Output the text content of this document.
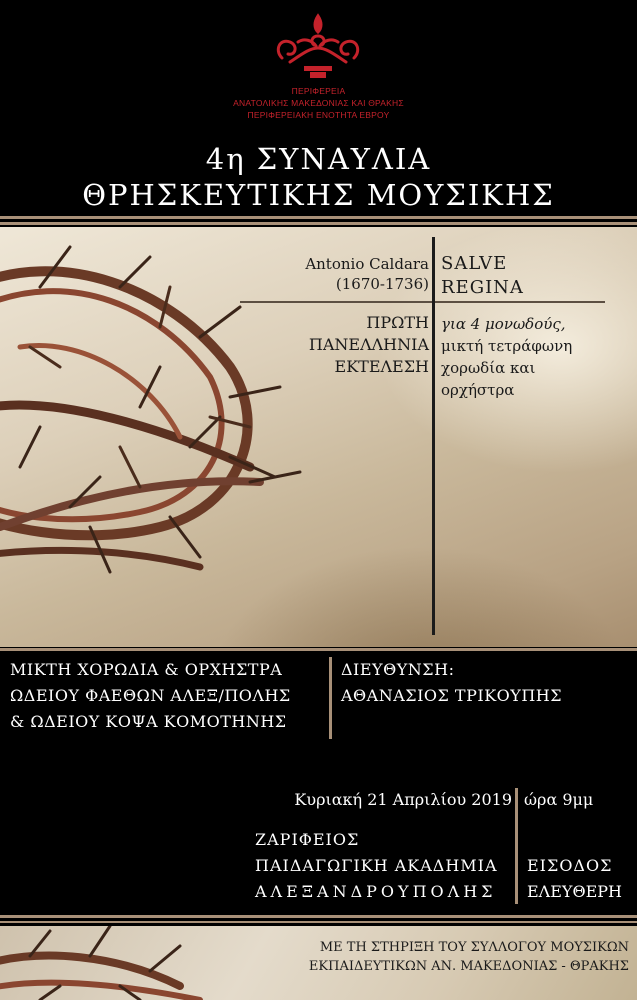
ΠΕΡΙΦΕΡΕΙΑ
ΑΝΑΤΟΛΙΚΗΣ ΜΑΚΕΔΟΝΙΑΣ ΚΑΙ ΘΡΑΚΗΣ
ΠΕΡΙΦΕΡΕΙΑΚΗ ΕΝΟΤΗΤΑ ΕΒΡΟΥ
4η ΣΥΝΑΥΛΙΑ
ΘΡΗΣΚΕΥΤΙΚΗΣ ΜΟΥΣΙΚΗΣ
Antonio Caldara
(1670-1736)
SALVE
REGINA
ΠΡΩΤΗ
ΠΑΝΕΛΛΗΝΙΑ
ΕΚΤΕΛΕΣΗ
για 4 μονωδούς,
μικτή τετράφωνη
χορωδία και
ορχήστρα
ΜΙΚΤΗ ΧΟΡΩΔΙΑ & ΟΡΧΗΣΤΡΑ
ΩΔΕΙΟΥ ΦΑΕΘΩΝ ΑΛΕΞ/ΠΟΛΗΣ
& ΩΔΕΙΟΥ ΚΟΨΑ ΚΟΜΟΤΗΝΗΣ
ΔΙΕΥΘΥΝΣΗ:
ΑΘΑΝΑΣΙΟΣ ΤΡΙΚΟΥΠΗΣ
Κυριακή 21 Απριλίου 2019 ώρα 9μμ
ΖΑΡΙΦΕΙΟΣ
ΠΑΙΔΑΓΩΓΙΚΗ ΑΚΑΔΗΜΙΑ
ΑΛΕΞΑΝΔΡΟΥΠΟΛΗΣ
ΕΙΣΟΔΟΣ
ΕΛΕΥΘΕΡΗ
ΜΕ ΤΗ ΣΤΗΡΙΞΗ ΤΟΥ ΣΥΛΛΟΓΟΥ ΜΟΥΣΙΚΩΝ
ΕΚΠΑΙΔΕΥΤΙΚΩΝ ΑΝ. ΜΑΚΕΔΟΝΙΑΣ - ΘΡΑΚΗΣ
